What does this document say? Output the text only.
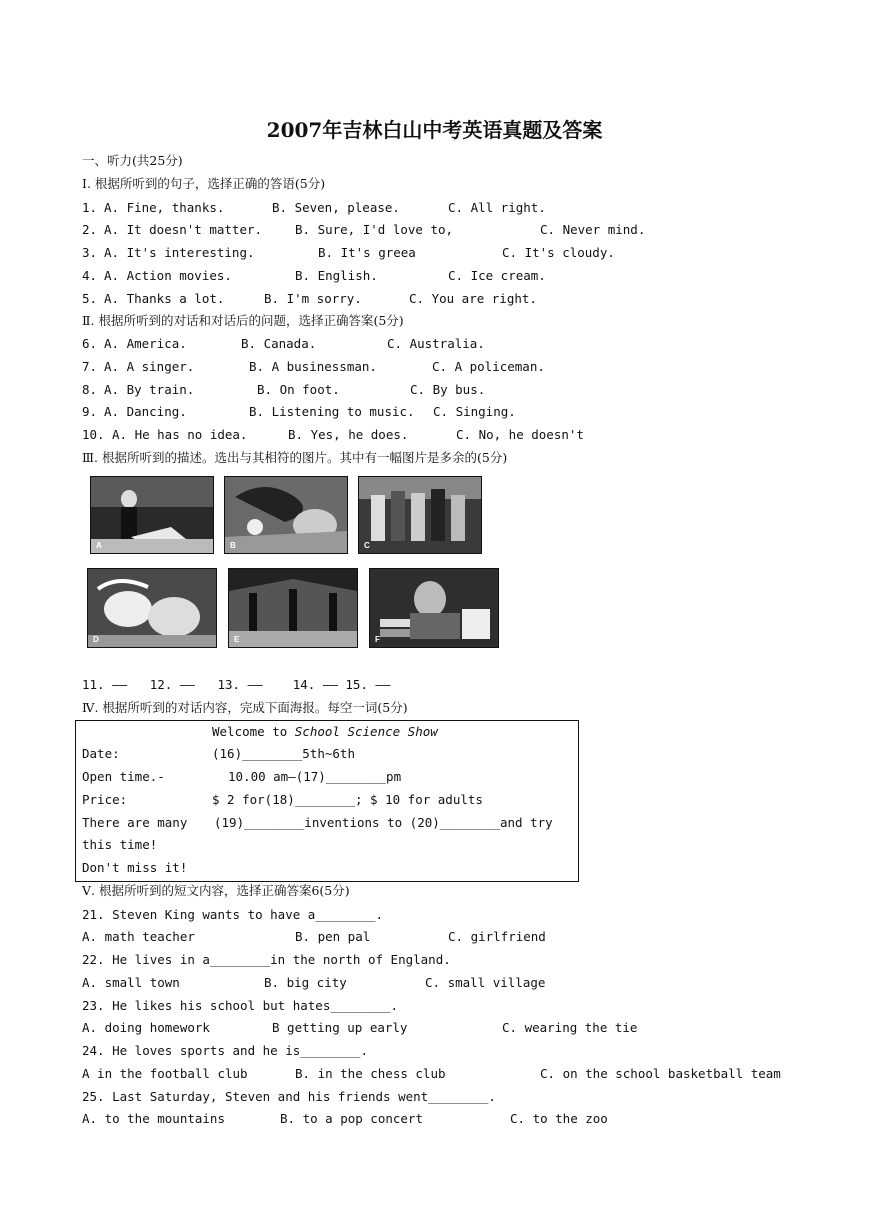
2007年吉林白山中考英语真题及答案
一、听力(共25分)
I. 根据所听到的句子，选择正确的答语(5分)

1.

A. Fine, thanks.

	B. Seven, please.

	C. All right.

2.

A. It doesn't matter.

	B. Sure, I'd love to,

	C. Never mind.

3.

A. It's interesting.

	B. It's greea

	C. It's cloudy.

4.

A. Action movies.

	B. English.

	C. Ice cream.

5.

A. Thanks a lot.

	B. I'm sorry.

	C. You are right.

Ⅱ. 根据所听到的对话和对话后的问题，选择正确答案(5分)

6.

A. America.

	B. Canada.

	C. Australia.

7.

A. A singer.

	B. A businessman.

	C. A policeman.

8.

A. By train.

	B. On foot.

	C. By bus.

9.

A. Dancing.

	B. Listening to music.

C. Singing.

10.

A. He has no idea.

	B. Yes, he does.

	C. No, he doesn't

Ⅲ. 根据所听到的描述。选出与其相符的图片。其中有一幅图片是多余的(5分)
A	B	C
D	E	F
11. ——   12. ——   13. ——    14. —— 15. ——
Ⅳ. 根据所听到的对话内容，完成下面海报。每空一词(5分)

Welcome to School Science Show

Date:

	(16)________5th~6th

Open time.-

	10.00 am—(17)________pm

Price:

	$ 2 for(18)________; $ 10 for adults

There are many

(19)________inventions to (20)________and try

this time!
Don't miss it!
Ⅴ. 根据所听到的短文内容，选择正确答案6(5分)
21. Steven King wants to have a________.

A. math teacher

	B. pen pal

	C. girlfriend

22. He lives in a________in the north of England.

A. small town

	B. big city

	C. small village

23. He likes his school but hates________.

A. doing homework

	B getting up early

	C. wearing the tie

24. He loves sports and he is________.

A in the football club

	B. in the chess club

	C. on the school basketball team

25. Last Saturday, Steven and his friends went________.

A. to the mountains

	B. to a pop concert

	C. to the zoo
